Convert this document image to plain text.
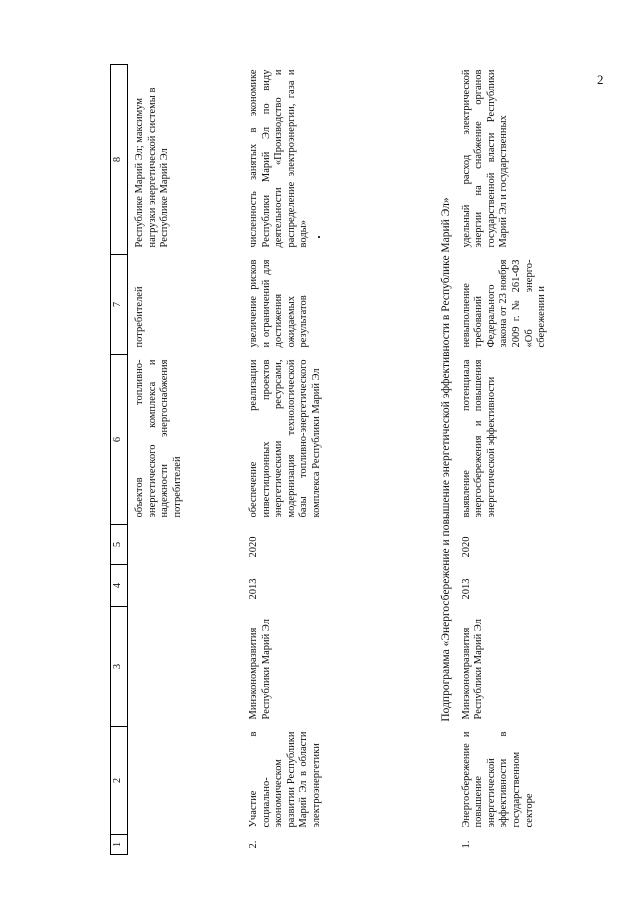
2
1	2	3	4	5	6	7	8
					объектов топливно-энергетического комплекса и надежности энергоснабжения потребителей	потребителей	Республике Марий Эл; максимум нагрузки энергетической системы в Республике Марий Эл
2.	Участие в социально-экономическом развитии Республики Марий Эл в области электроэнергетики	Минэкономразвития Республики Марий Эл	2013	2020	обеспечение реализации инвестиционных проектов энергетическими ресурсами, модернизация технологической базы топливно-энергетического комплекса Республики Марий Эл	увеличение рисков и ограничений для достижения ожидаемых результатов	численность занятых в экономике Республики Марий Эл по виду деятельности «Производство и распределение электроэнергии, газа и воды»
Подпрограмма «Энергосбережение и повышение энергетической эффективности в Республике Марий Эл»							
1.	Энергосбережение и повышение энергетической эффективности в государственном секторе	Минэкономразвития Республики Марий Эл	2013	2020	выявление потенциала энергосбережения и повышения энергетической эффективности	невыполнение требований Федерального закона от 23 ноября 2009 г. № 261-ФЗ «Об энерго-сбережении и	удельный расход электрической энергии на снабжение органов государственной власти Республики Марий Эл и государственных
